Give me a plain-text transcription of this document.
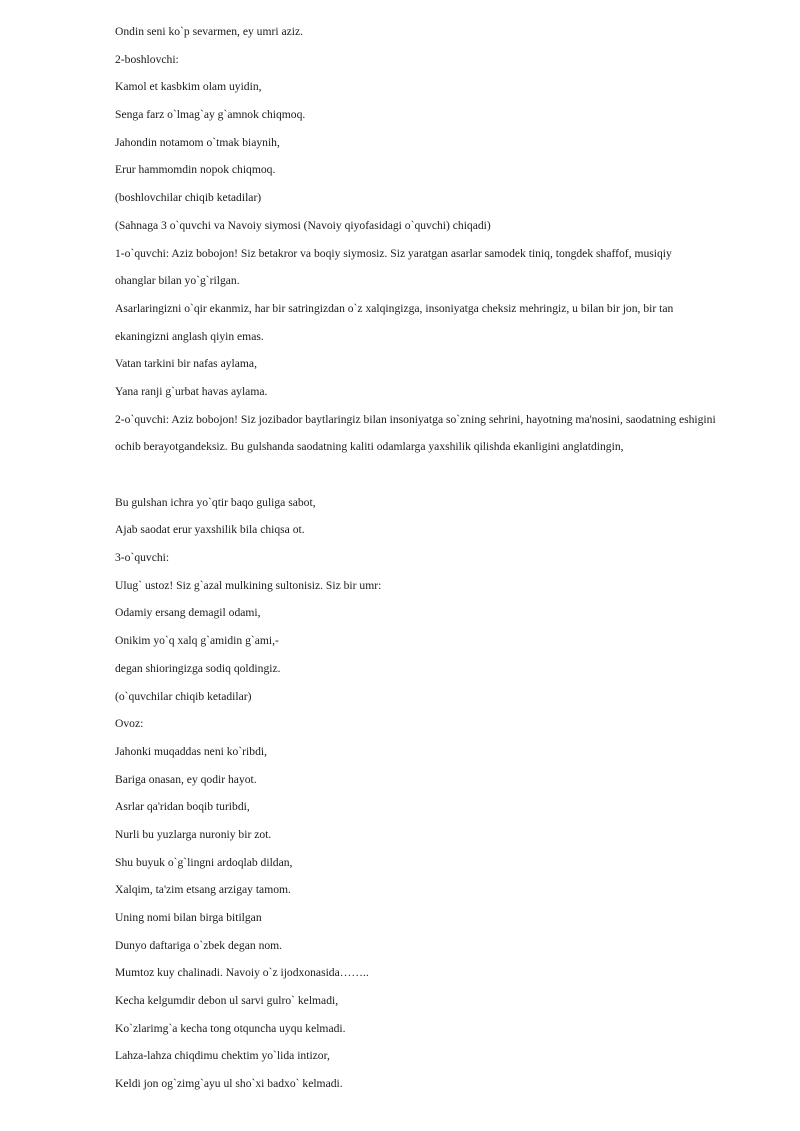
Ondin seni ko`p sevarmen, ey umri aziz.

2-boshlovchi:

Kamol et kasbkim olam uyidin,

Senga farz o`lmag`ay g`amnok chiqmoq.

Jahondin notamom o`tmak biaynih,

Erur hammomdin nopok chiqmoq.

(boshlovchilar chiqib ketadilar)

(Sahnaga 3 o`quvchi va Navoiy siymosi (Navoiy qiyofasidagi o`quvchi) chiqadi)

1-o`quvchi: Aziz bobojon! Siz betakror va boqiy siymosiz. Siz yaratgan asarlar samodek tiniq, tongdek shaffof, musiqiy

ohanglar bilan yo`g`rilgan.

Asarlaringizni o`qir ekanmiz, har bir satringizdan o`z xalqingizga, insoniyatga cheksiz mehringiz, u bilan bir jon, bir tan

ekaningizni anglash qiyin emas.

Vatan tarkini bir nafas aylama,

Yana ranji g`urbat havas aylama.

2-o`quvchi: Aziz bobojon! Siz jozibador baytlaringiz bilan insoniyatga so`zning sehrini, hayotning ma'nosini, saodatning eshigini

ochib berayotgandeksiz. Bu gulshanda saodatning kaliti odamlarga yaxshilik qilishda ekanligini anglatdingin,

Bu gulshan ichra yo`qtir baqo guliga sabot,

Ajab saodat erur yaxshilik bila chiqsa ot.

3-o`quvchi:

Ulug` ustoz! Siz g`azal mulkining sultonisiz. Siz bir umr:

Odamiy ersang demagil odami,

Onikim yo`q xalq g`amidin g`ami,-

degan shioringizga sodiq qoldingiz.

(o`quvchilar chiqib ketadilar)

Ovoz:

Jahonki muqaddas neni ko`ribdi,

Bariga onasan, ey qodir hayot.

Asrlar qa'ridan boqib turibdi,

Nurli bu yuzlarga nuroniy bir zot.

Shu buyuk o`g`lingni ardoqlab dildan,

Xalqim, ta'zim etsang arzigay tamom.

Uning nomi bilan birga bitilgan

Dunyo daftariga o`zbek degan nom.

Mumtoz kuy chalinadi. Navoiy o`z ijodxonasida……..

Kecha kelgumdir debon ul sarvi gulro` kelmadi,

Ko`zlarimg`a kecha tong otquncha uyqu kelmadi.

Lahza-lahza chiqdimu chektim yo`lida intizor,

Keldi jon og`zimg`ayu ul sho`xi badxo` kelmadi.
